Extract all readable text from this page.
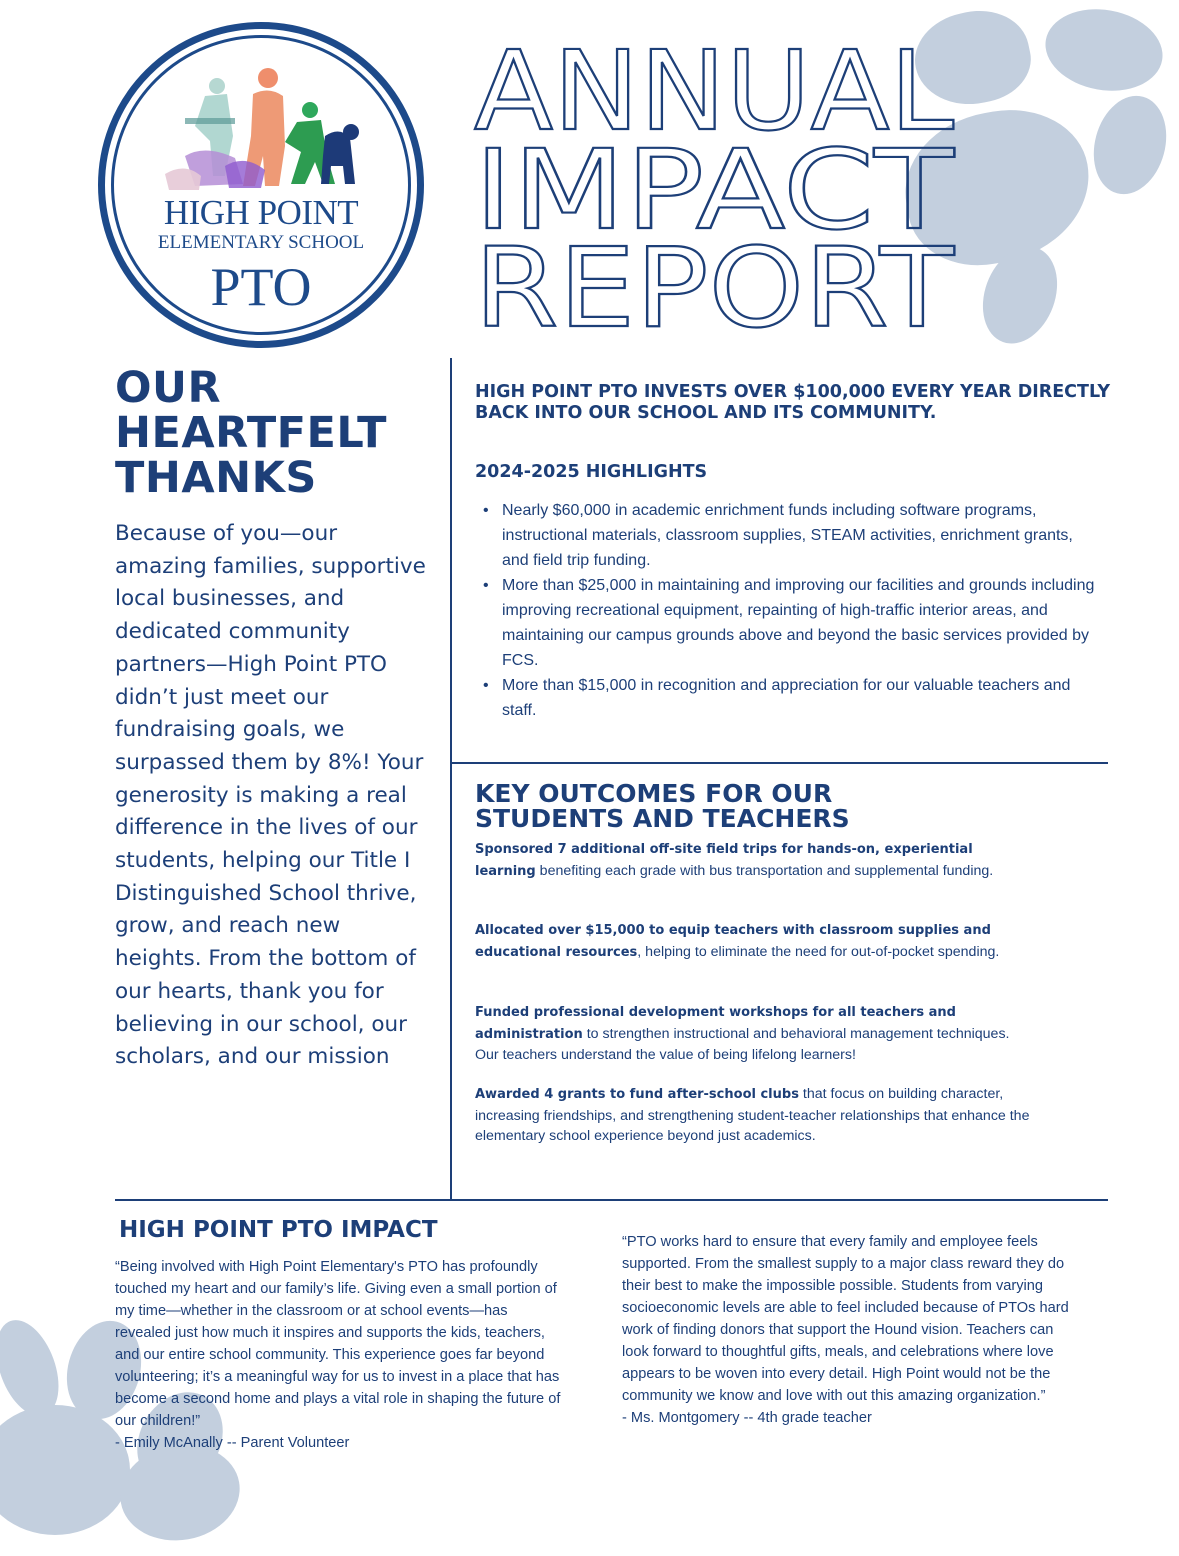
HIGH POINT
ELEMENTARY SCHOOL
PTO
ANNUAL
IMPACT
REPORT
OUR
HEARTFELT
THANKS

Because of you—our amazing families, supportive local businesses, and dedicated community partners—High Point PTO didn’t just meet our fundraising goals, we surpassed them by 8%! Your generosity is making a real difference in the lives of our students, helping our Title I Distinguished School thrive, grow, and reach new heights. From the bottom of our hearts, thank you for believing in our school, our scholars, and our mission

HIGH POINT PTO INVESTS OVER $100,000 EVERY YEAR DIRECTLY BACK INTO OUR SCHOOL AND ITS COMMUNITY.
2024-2025 HIGHLIGHTS
• Nearly $60,000 in academic enrichment funds including software programs, instructional materials, classroom supplies, STEAM activities, enrichment grants, and field trip funding.
• More than $25,000 in maintaining and improving our facilities and grounds including improving recreational equipment, repainting of high-traffic interior areas, and maintaining our campus grounds above and beyond the basic services provided by FCS.
• More than $15,000 in recognition and appreciation for our valuable teachers and staff.
KEY OUTCOMES FOR OUR
STUDENTS AND TEACHERS

Sponsored 7 additional off-site field trips for hands-on, experiential learning benefiting each grade with bus transportation and supplemental funding.

Allocated over $15,000 to equip teachers with classroom supplies and educational resources, helping to eliminate the need for out-of-pocket spending.

Funded professional development workshops for all teachers and administration to strengthen instructional and behavioral management techniques. Our teachers understand the value of being lifelong learners!

Awarded 4 grants to fund after-school clubs that focus on building character, increasing friendships, and strengthening student-teacher relationships that enhance the elementary school experience beyond just academics.

HIGH POINT PTO IMPACT

“Being involved with High Point Elementary's PTO has profoundly touched my heart and our family’s life. Giving even a small portion of my time—whether in the classroom or at school events—has revealed just how much it inspires and supports the kids, teachers, and our entire school community. This experience goes far beyond volunteering; it’s a meaningful way for us to invest in a place that has become a second home and plays a vital role in shaping the future of our children!”

- Emily McAnally -- Parent Volunteer

“PTO works hard to ensure that every family and employee feels supported. From the smallest supply to a major class reward they do their best to make the impossible possible. Students from varying socioeconomic levels are able to feel included because of PTOs hard work of finding donors that support the Hound vision. Teachers can look forward to thoughtful gifts, meals, and celebrations where love appears to be woven into every detail. High Point would not be the community we know and love with out this amazing organization.”

- Ms. Montgomery -- 4th grade teacher
